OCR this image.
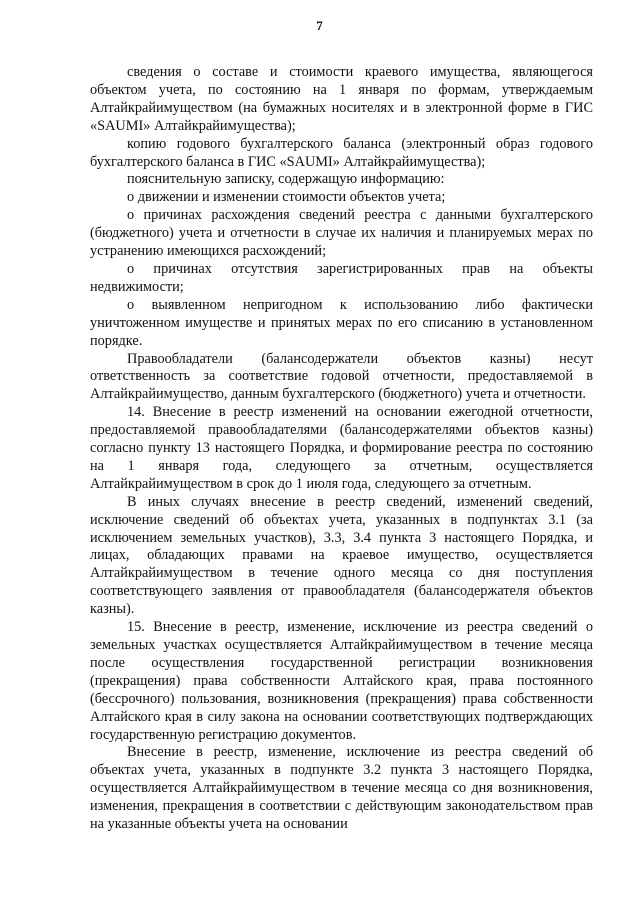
7

сведения о составе и стоимости краевого имущества, являющегося объектом учета, по состоянию на 1 января по формам, утверждаемым Алтайкрайимуществом (на бумажных носителях и в электронной форме в ГИС «SAUMI» Алтайкрайимущества);

копию годового бухгалтерского баланса (электронный образ годового бухгалтерского баланса в ГИС «SAUMI» Алтайкрайимущества);

пояснительную записку, содержащую информацию:

о движении и изменении стоимости объектов учета;

о причинах расхождения сведений реестра с данными бухгалтерского (бюджетного) учета и отчетности в случае их наличия и планируемых мерах по устранению имеющихся расхождений;

о причинах отсутствия зарегистрированных прав на объекты недвижимости;

о выявленном непригодном к использованию либо фактически уничтоженном имуществе и принятых мерах по его списанию в установленном порядке.

Правообладатели (балансодержатели объектов казны) несут ответственность за соответствие годовой отчетности, предоставляемой в Алтайкрайимущество, данным бухгалтерского (бюджетного) учета и отчетности.

14. Внесение в реестр изменений на основании ежегодной отчетности, предоставляемой правообладателями (балансодержателями объектов казны) согласно пункту 13 настоящего Порядка, и формирование реестра по состоянию на 1 января года, следующего за отчетным, осуществляется Алтайкрайимуществом в срок до 1 июля года, следующего за отчетным.

В иных случаях внесение в реестр сведений, изменений сведений, исключение сведений об объектах учета, указанных в подпунктах 3.1 (за исключением земельных участков), 3.3, 3.4 пункта 3 настоящего Порядка, и лицах, обладающих правами на краевое имущество, осуществляется Алтайкрайимуществом в течение одного месяца со дня поступления соответствующего заявления от правообладателя (балансодержателя объектов казны).

15. Внесение в реестр, изменение, исключение из реестра сведений о земельных участках осуществляется Алтайкрайимуществом в течение месяца после осуществления государственной регистрации возникновения (прекращения) права собственности Алтайского края, права постоянного (бессрочного) пользования, возникновения (прекращения) права собственности Алтайского края в силу закона на основании соответствующих подтверждающих государственную регистрацию документов.

Внесение в реестр, изменение, исключение из реестра сведений об объектах учета, указанных в подпункте 3.2 пункта 3 настоящего Порядка, осуществляется Алтайкрайимуществом в течение месяца со дня возникновения, изменения, прекращения в соответствии с действующим законодательством прав на указанные объекты учета на основании
